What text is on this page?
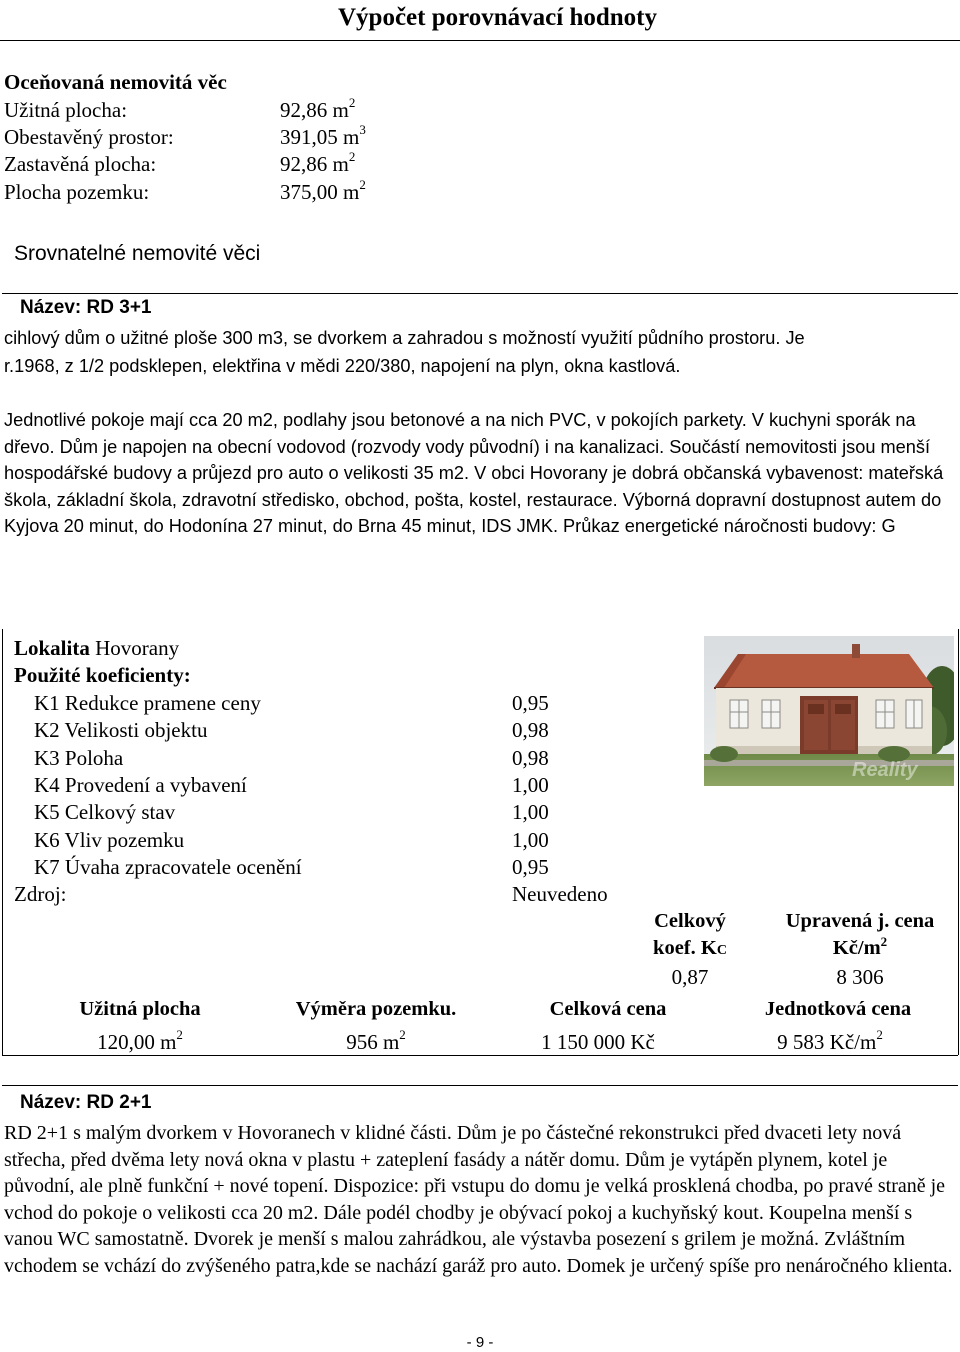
Výpočet porovnávací hodnoty
Oceňovaná nemovitá věc
Užitná plocha:	92,86 $m^2$
Obestavěný prostor:	391,05 $m^3$
Zastavěná plocha:	92,86 $m^2$
Plocha pozemku:	375,00 $m^2$
Srovnatelné nemovité věci
Název: RD 3+1
cihlový dům o užitné ploše 300 m3, se dvorkem a zahradou s možností využití půdního prostoru. Je
r.1968, z 1/2 podsklepen, elektřina v mědi 220/380, napojení na plyn, okna kastlová.
Jednotlivé pokoje mají cca 20 m2, podlahy jsou betonové a na nich PVC, v pokojích parkety. V kuchyni sporák na dřevo. Dům je napojen na obecní vodovod (rozvody vody původní) i na kanalizaci. Součástí nemovitosti jsou menší hospodářské budovy a průjezd pro auto o velikosti 35 m2. V obci Hovorany je dobrá občanská vybavenost: mateřská škola, základní škola, zdravotní středisko, obchod, pošta, kostel, restaurace. Výborná dopravní dostupnost autem do Kyjova 20 minut, do Hodonína 27 minut, do Brna 45 minut, IDS JMK. Průkaz energetické náročnosti budovy: G
Lokalita Hovorany
Použité koeficienty:
K1 Redukce pramene ceny	0,95
K2 Velikosti objektu	0,98
K3 Poloha	0,98
K4 Provedení a vybavení	1,00
K5 Celkový stav	1,00
K6 Vliv pozemku	1,00
K7 Úvaha zpracovatele ocenění	0,95
Zdroj:	Neuvedeno
Reality
Celkový
koef. KC
Upravená j. cena
$Kč/m^2$
0,87	8 306
Užitná plocha	Výměra pozemku.	Celková cena	Jednotková cena
120,00 $m^2$	956 $m^2$	1 150 000 Kč	9 583 $Kč/m^2$
Název: RD 2+1
RD 2+1 s malým dvorkem v Hovoranech v klidné části. Dům je po částečné rekonstrukci před dvaceti lety nová střecha, před dvěma lety nová okna v plastu + zateplení fasády a nátěr domu. Dům je vytápěn plynem, kotel je původní, ale plně funkční + nové topení. Dispozice: při vstupu do domu je velká prosklená chodba, po pravé straně je vchod do pokoje o velikosti cca 20 m2. Dále podél chodby je obývací pokoj a kuchyňský kout. Koupelna menší s vanou WC samostatně. Dvorek je menší s malou zahrádkou, ale výstavba posezení s grilem je možná. Zvláštním vchodem se vchází do zvýšeného patra,kde se nachází garáž pro auto. Domek je určený spíše pro nenáročného klienta.
- 9 -
